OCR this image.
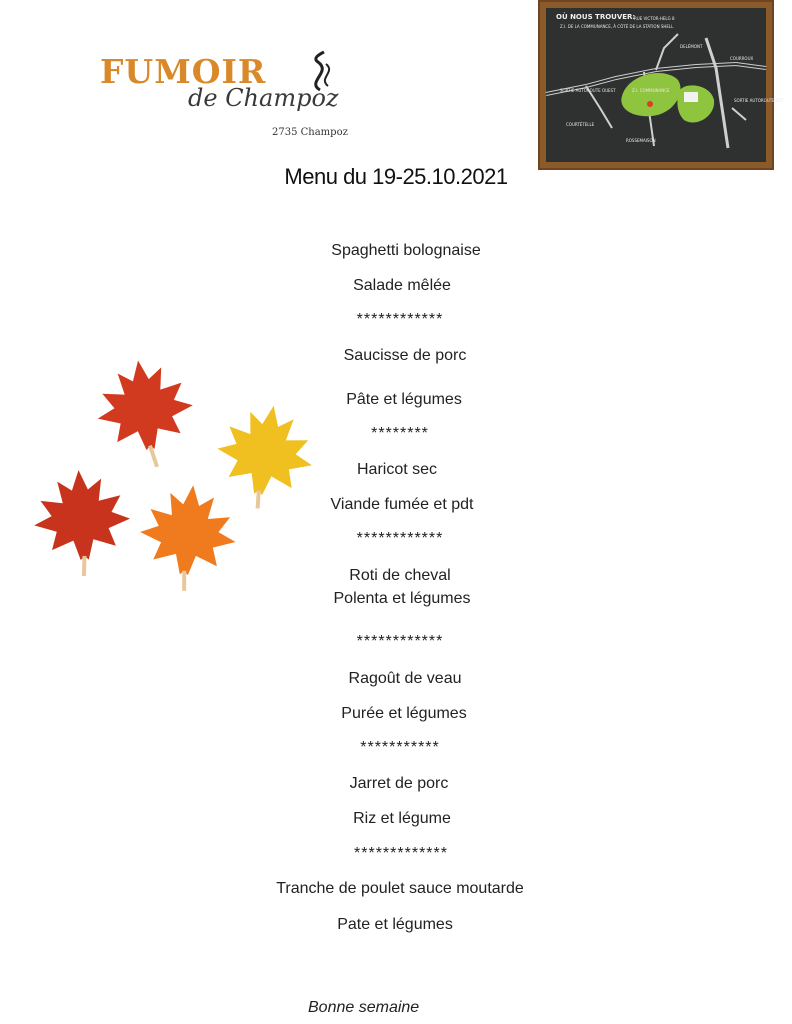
FUMOIR
de Champoz
2735 Champoz
OÙ NOUS TROUVER:
RUE VICTOR-HELG 8
Z.I. DE LA COMMUNANCE, À CÔTÉ DE LA STATION SHELL
DELÉMONT
COURROUX
SORTIE AUTOROUTE OUEST	Z.I. COMMUNANCE
SORTIE AUTOROUTE EST
COURTÉTELLE
ROSSEMAISON
Menu du 19-25.10.2021
Spaghetti bolognaise
Salade mêlée
************
Saucisse de porc
Pâte et légumes
********
Haricot sec
Viande fumée et pdt
************
Roti de cheval
Polenta et légumes
************
Ragoût de veau
Purée et légumes
***********
Jarret de porc
Riz et légume
*************
Tranche de poulet sauce moutarde
Pate et légumes
Bonne semaine
